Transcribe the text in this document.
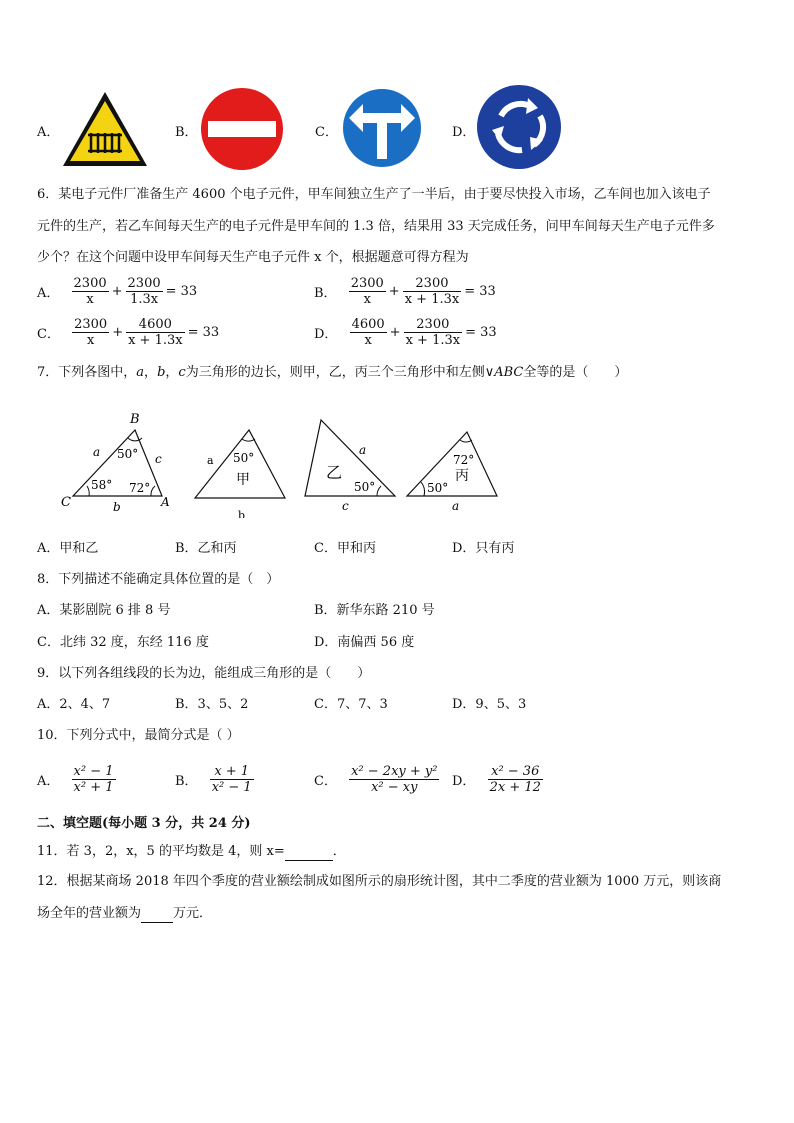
A．	B．	C．	D．
6．某电子元件厂准备生产 4600 个电子元件，甲车间独立生产了一半后，由于要尽快投入市场，乙车间也加入该电子
元件的生产，若乙车间每天生产的电子元件是甲车间的 1.3 倍，结果用 33 天完成任务，问甲车间每天生产电子元件多
少个？在这个问题中设甲车间每天生产电子元件 x 个，根据题意可得方程为
A． $\frac{2300}{x} + \frac{2300}{1.3x} = 33$	B． $\frac{2300}{x} + \frac{2300}{x + 1.3x} = 33$
C． $\frac{2300}{x} + \frac{4600}{x + 1.3x} = 33$	D． $\frac{4600}{x} + \frac{2300}{x + 1.3x} = 33$
7．下列各图中，a，b，c为三角形的边长，则甲，乙，丙三个三角形中和左侧∨ABC全等的是（　　）
B
C	A
a
b
c
50°
58° 72°
a
b
50°
甲
a
c
50°
乙
72°
50°
丙
a
A．甲和乙	B．乙和丙	C．甲和丙	D．只有丙
8．下列描述不能确定具体位置的是（　）
A．某影剧院 6 排 8 号	B．新华东路 210 号
C．北纬 32 度，东经 116 度	D．南偏西 56 度
9．以下列各组线段的长为边，能组成三角形的是（　　）
A．2、4、7	B．3、5、2	C．7、7、3	D．9、5、3
10．下列分式中，最简分式是（ ）
A． $\frac{\text{x² − 1}}{\text{x² + 1}}$	B． $\frac{x + 1}{\text{x² − 1}}$	C． $\frac{\text{x² − 2xy + y²}}{\text{x² − xy}}$ D． $\frac{\text{x² − 36}}{2x + 12}$
二、填空题(每小题 3 分，共 24 分)
11．若 3，2，x，5 的平均数是 4，则 x=	．
12．根据某商场 2018 年四个季度的营业额绘制成如图所示的扇形统计图，其中二季度的营业额为 1000 万元，则该商
场全年的营业额为 万元．
